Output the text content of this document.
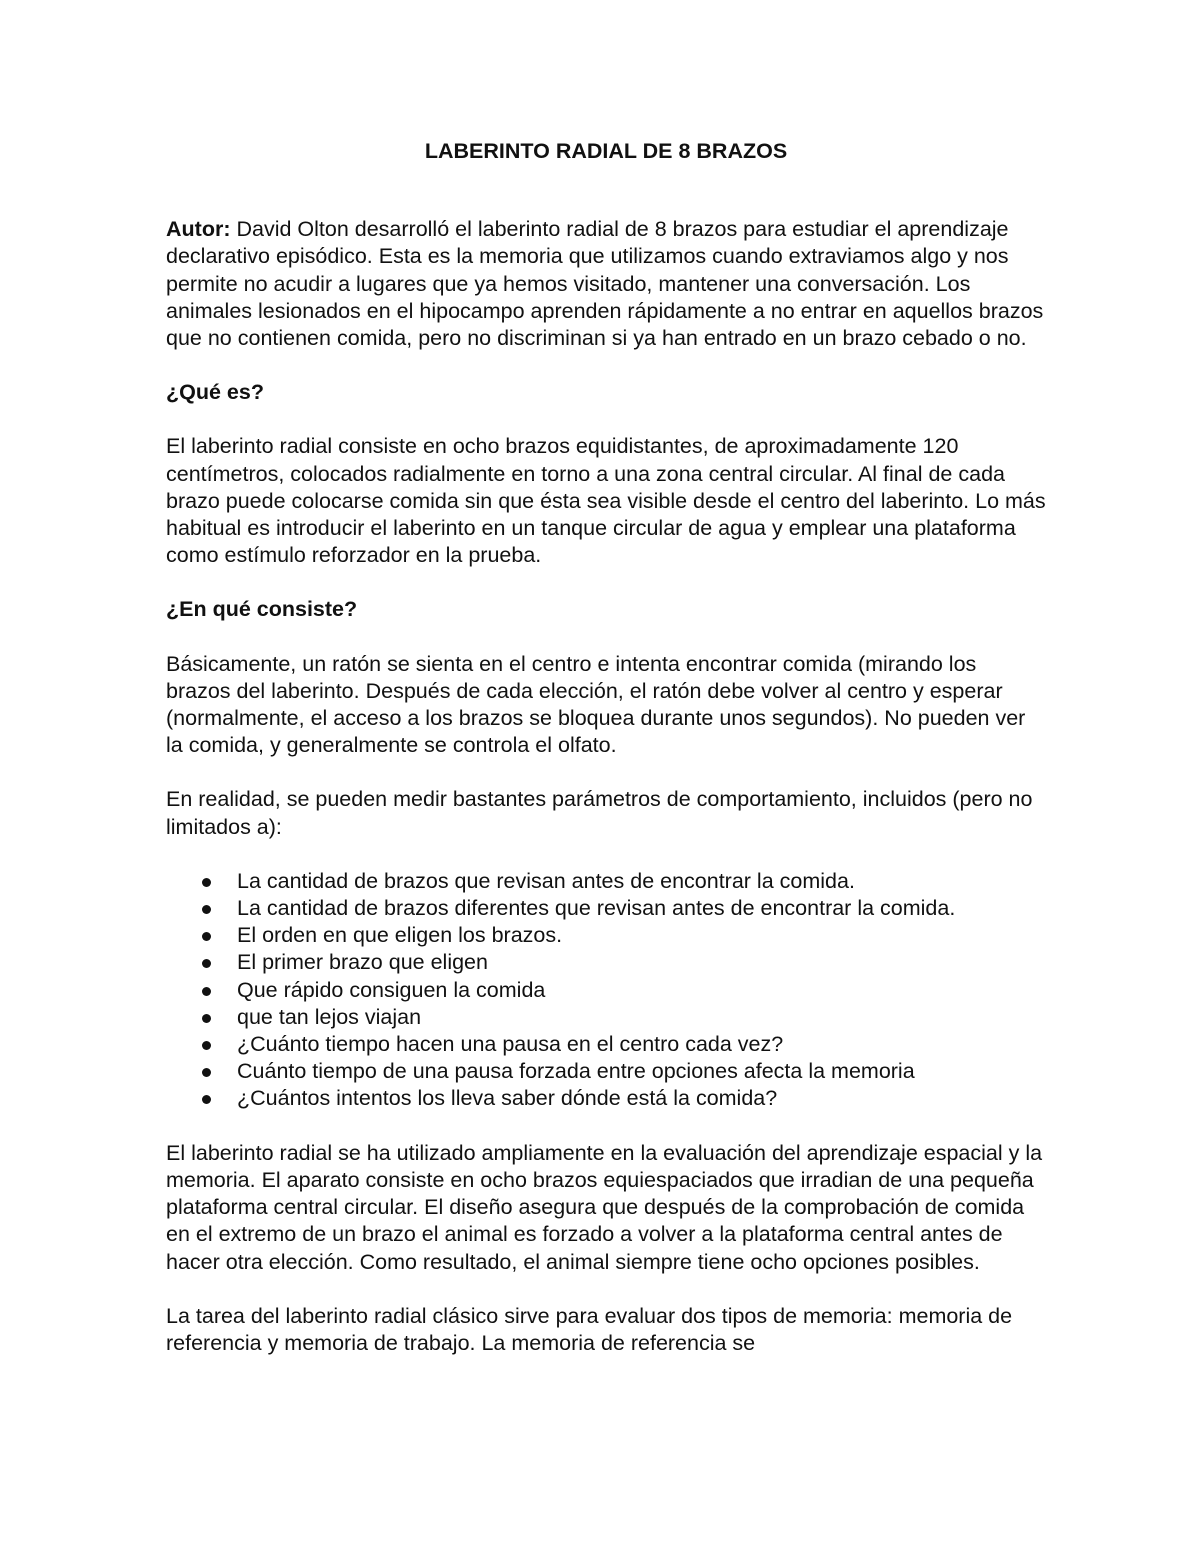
LABERINTO RADIAL DE 8 BRAZOS

Autor: David Olton desarrolló el laberinto radial de 8 brazos para estudiar el aprendizaje declarativo episódico. Esta es la memoria que utilizamos cuando extraviamos algo y nos permite no acudir a lugares que ya hemos visitado, mantener una conversación. Los animales lesionados en el hipocampo aprenden rápidamente a no entrar en aquellos brazos que no contienen comida, pero no discriminan si ya han entrado en un brazo cebado o no.

¿Qué es?

El laberinto radial consiste en ocho brazos equidistantes, de aproximadamente 120 centímetros, colocados radialmente en torno a una zona central circular. Al final de cada brazo puede colocarse comida sin que ésta sea visible desde el centro del laberinto. Lo más habitual es introducir el laberinto en un tanque circular de agua y emplear una plataforma como estímulo reforzador en la prueba.

¿En qué consiste?

Básicamente, un ratón se sienta en el centro e intenta encontrar comida (mirando los brazos del laberinto. Después de cada elección, el ratón debe volver al centro y esperar (normalmente, el acceso a los brazos se bloquea durante unos segundos). No pueden ver la comida, y generalmente se controla el olfato.

En realidad, se pueden medir bastantes parámetros de comportamiento, incluidos (pero no limitados a):

La cantidad de brazos que revisan antes de encontrar la comida.
La cantidad de brazos diferentes que revisan antes de encontrar la comida.
El orden en que eligen los brazos.
El primer brazo que eligen
Que rápido consiguen la comida
que tan lejos viajan
¿Cuánto tiempo hacen una pausa en el centro cada vez?
Cuánto tiempo de una pausa forzada entre opciones afecta la memoria
¿Cuántos intentos los lleva saber dónde está la comida?

El laberinto radial se ha utilizado ampliamente en la evaluación del aprendizaje espacial y la memoria. El aparato consiste en ocho brazos equiespaciados que irradian de una pequeña plataforma central circular. El diseño asegura que después de la comprobación de comida en el extremo de un brazo el animal es forzado a volver a la plataforma central antes de hacer otra elección. Como resultado, el animal siempre tiene ocho opciones posibles.

La tarea del laberinto radial clásico sirve para evaluar dos tipos de memoria: memoria de referencia y memoria de trabajo. La memoria de referencia se
